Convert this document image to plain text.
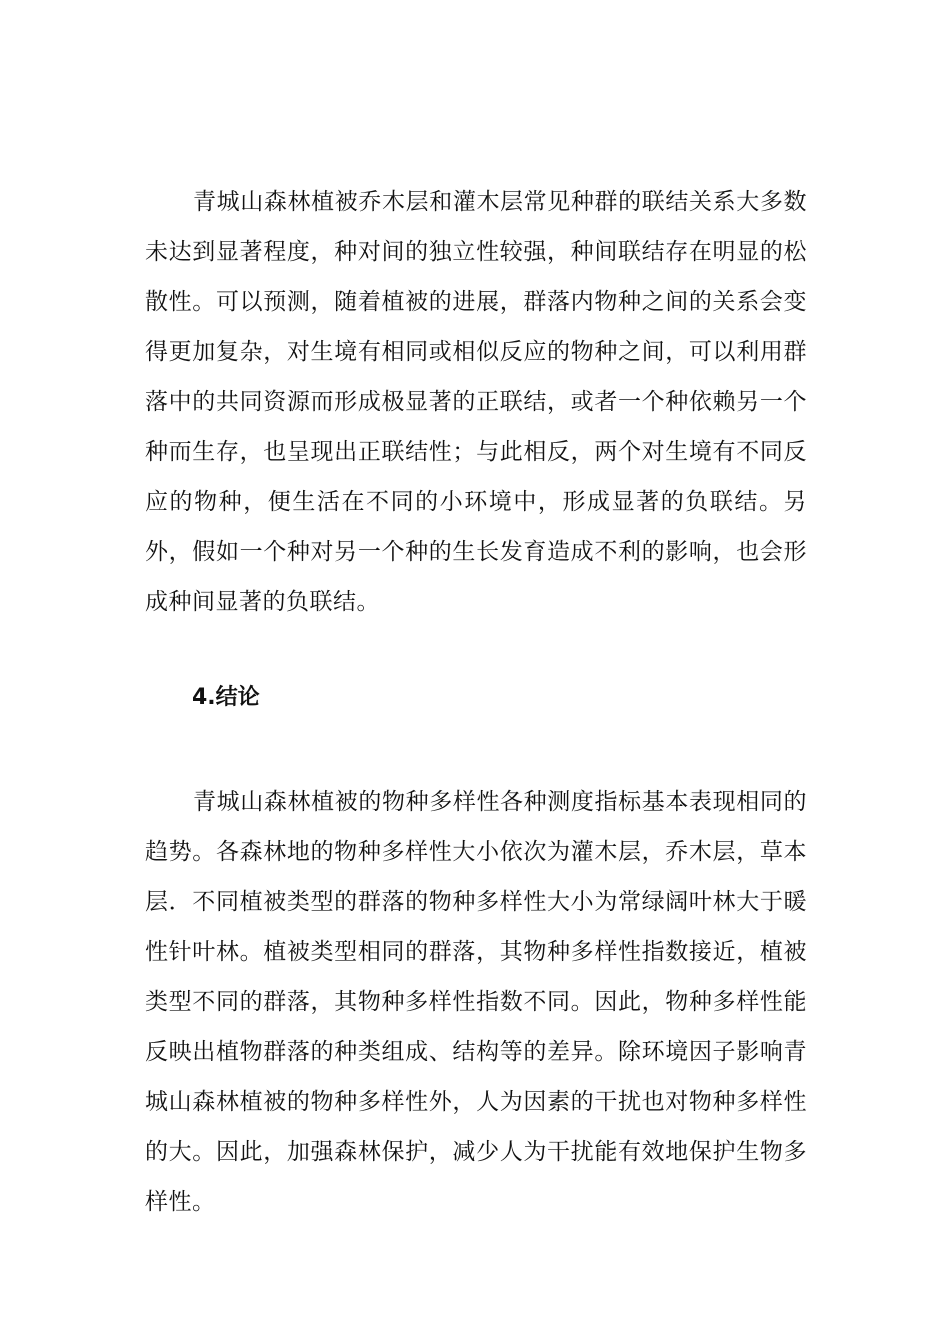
青城山森林植被乔木层和灌木层常见种群的联结关系大多数未达到显著程度，种对间的独立性较强，种间联结存在明显的松散性。可以预测，随着植被的进展，群落内物种之间的关系会变得更加复杂，对生境有相同或相似反应的物种之间，可以利用群落中的共同资源而形成极显著的正联结，或者一个种依赖另一个种而生存，也呈现出正联结性；与此相反，两个对生境有不同反应的物种，便生活在不同的小环境中，形成显著的负联结。另外，假如一个种对另一个种的生长发育造成不利的影响，也会形成种间显著的负联结。

4.结论

青城山森林植被的物种多样性各种测度指标基本表现相同的趋势。各森林地的物种多样性大小依次为灌木层，乔木层，草本层．不同植被类型的群落的物种多样性大小为常绿阔叶林大于暖性针叶林。植被类型相同的群落，其物种多样性指数接近，植被类型不同的群落，其物种多样性指数不同。因此，物种多样性能反映出植物群落的种类组成、结构等的差异。除环境因子影响青城山森林植被的物种多样性外，人为因素的干扰也对物种多样性的大。因此，加强森林保护，减少人为干扰能有效地保护生物多样性。
